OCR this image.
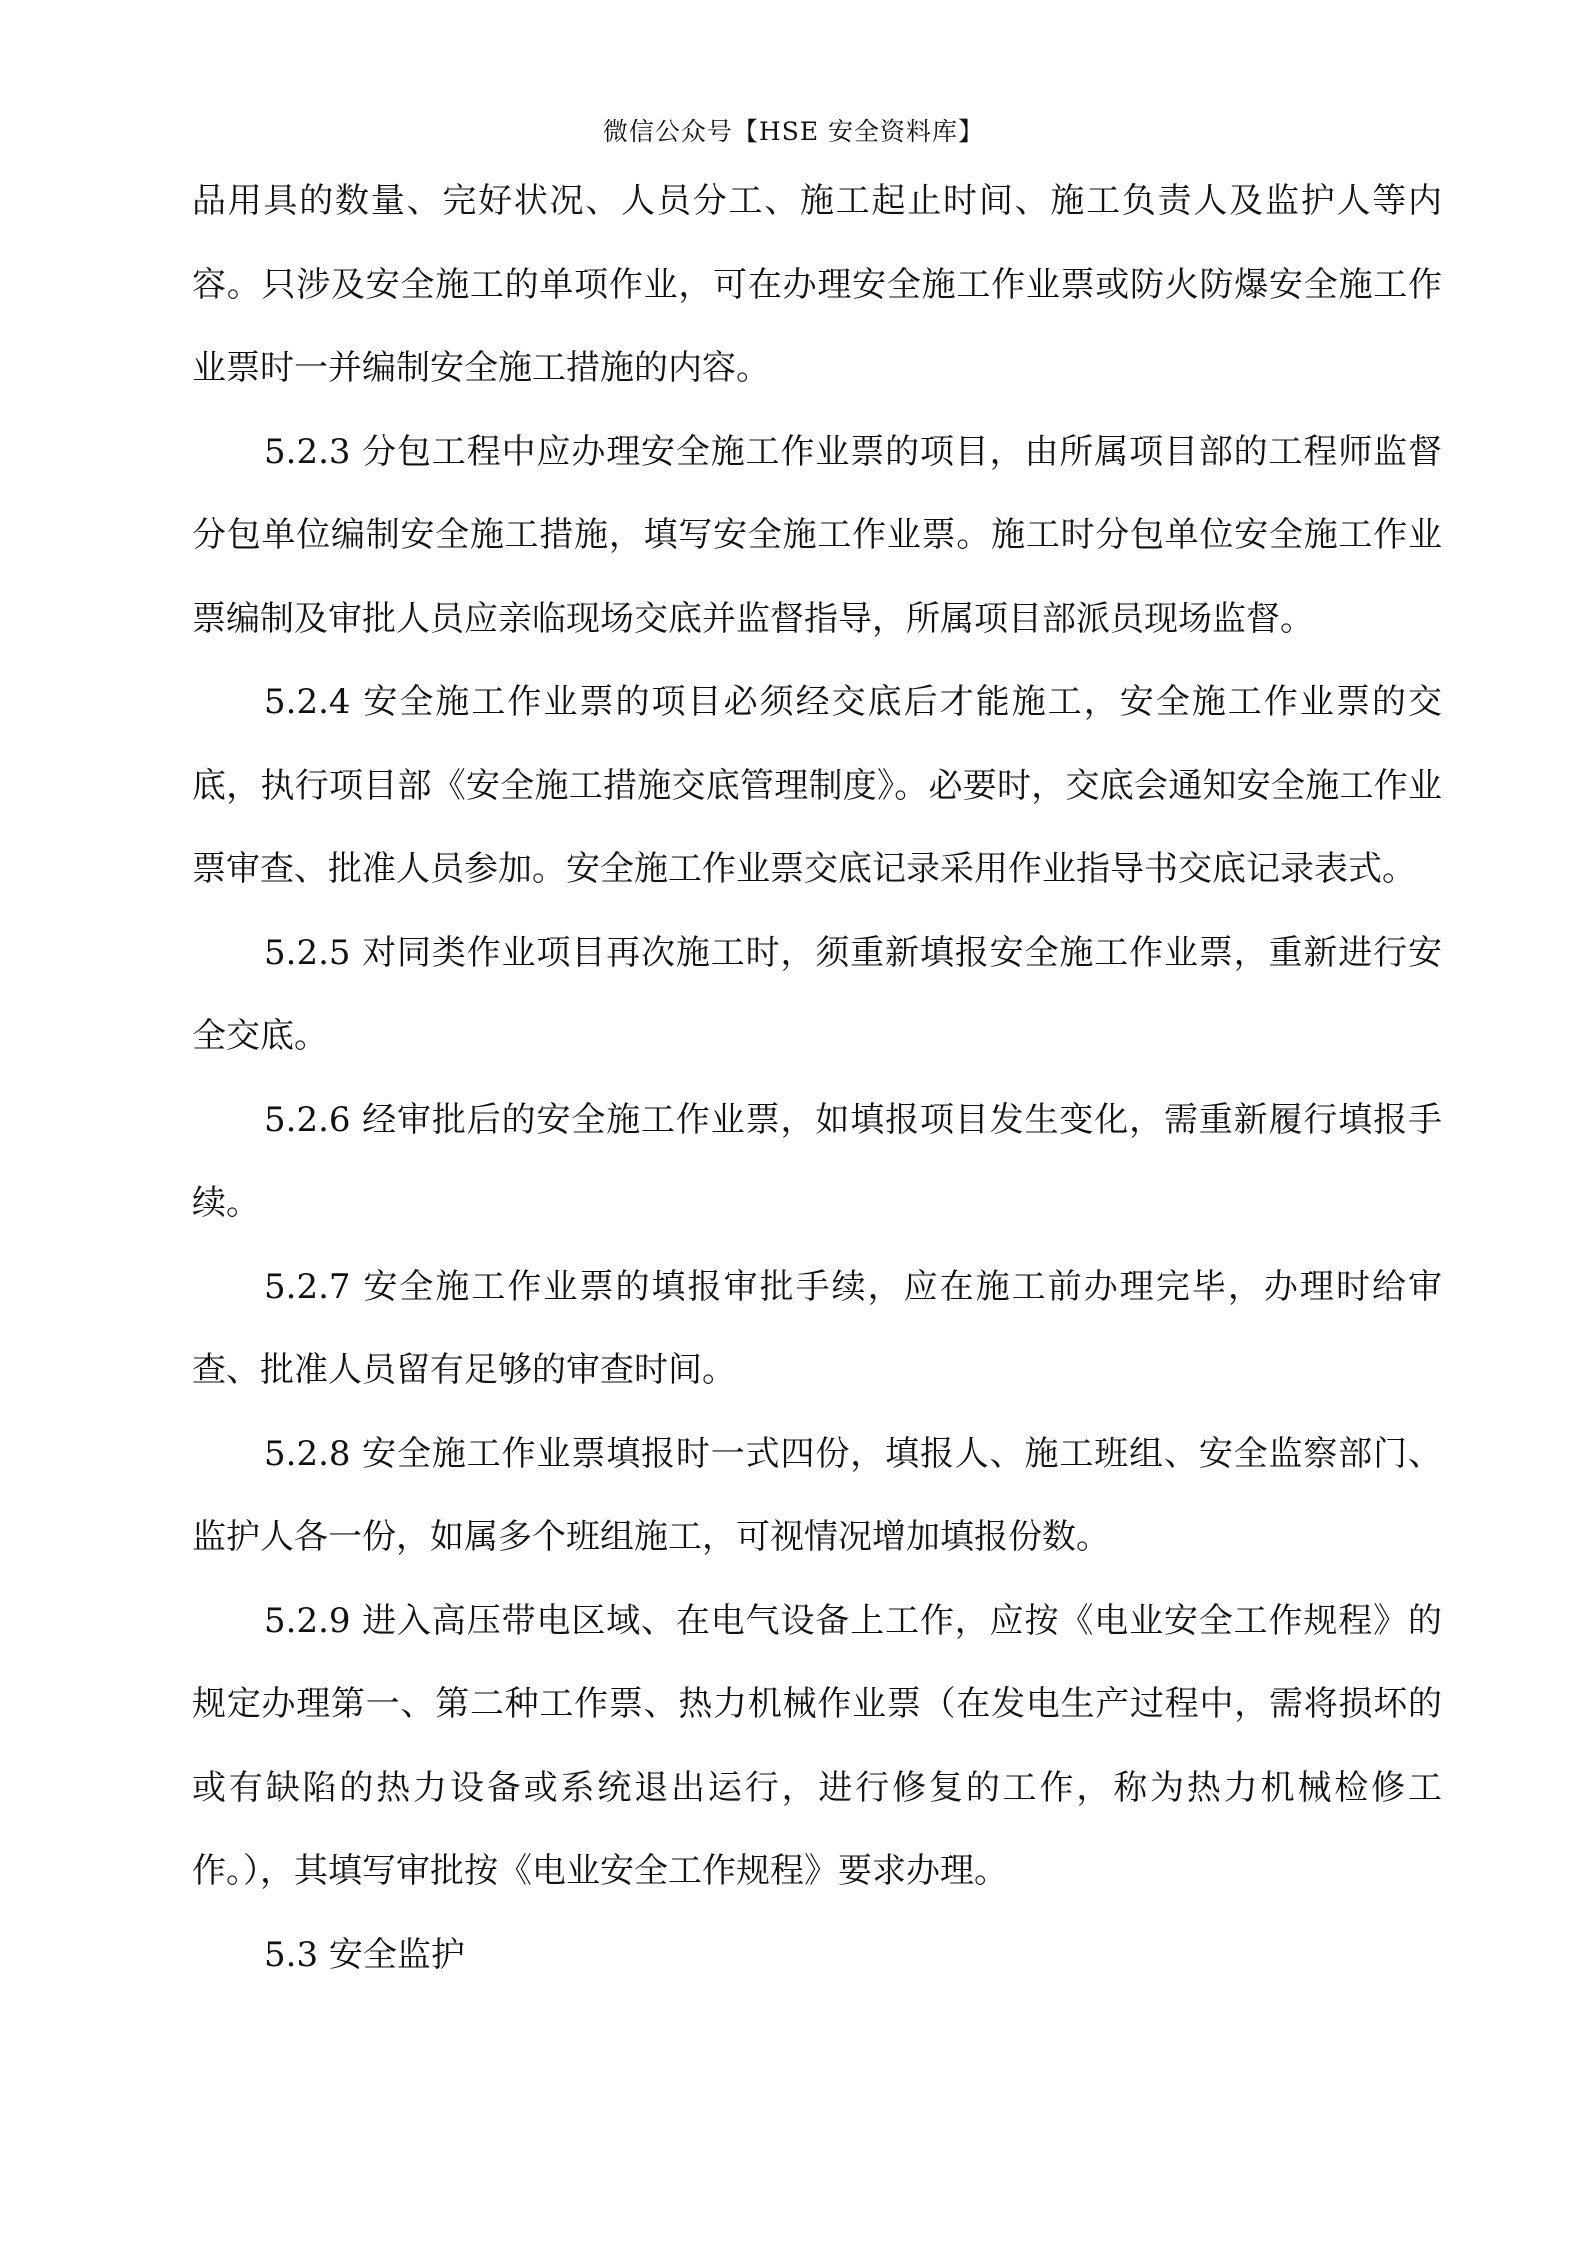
微信公众号【HSE 安全资料库】

品用具的数量、完好状况、人员分工、施工起止时间、施工负责人及监护人等内容。只涉及安全施工的单项作业，可在办理安全施工作业票或防火防爆安全施工作业票时一并编制安全施工措施的内容。

5.2.3 分包工程中应办理安全施工作业票的项目，由所属项目部的工程师监督分包单位编制安全施工措施，填写安全施工作业票。施工时分包单位安全施工作业票编制及审批人员应亲临现场交底并监督指导，所属项目部派员现场监督。

5.2.4 安全施工作业票的项目必须经交底后才能施工，安全施工作业票的交底，执行项目部《安全施工措施交底管理制度》。必要时，交底会通知安全施工作业票审查、批准人员参加。安全施工作业票交底记录采用作业指导书交底记录表式。

5.2.5 对同类作业项目再次施工时，须重新填报安全施工作业票，重新进行安全交底。

5.2.6 经审批后的安全施工作业票，如填报项目发生变化，需重新履行填报手续。

5.2.7 安全施工作业票的填报审批手续，应在施工前办理完毕，办理时给审查、批准人员留有足够的审查时间。

5.2.8 安全施工作业票填报时一式四份，填报人、施工班组、安全监察部门、监护人各一份，如属多个班组施工，可视情况增加填报份数。

5.2.9 进入高压带电区域、在电气设备上工作，应按《电业安全工作规程》的规定办理第一、第二种工作票、热力机械作业票（在发电生产过程中，需将损坏的或有缺陷的热力设备或系统退出运行，进行修复的工作，称为热力机械检修工作。），其填写审批按《电业安全工作规程》要求办理。

5.3 安全监护
